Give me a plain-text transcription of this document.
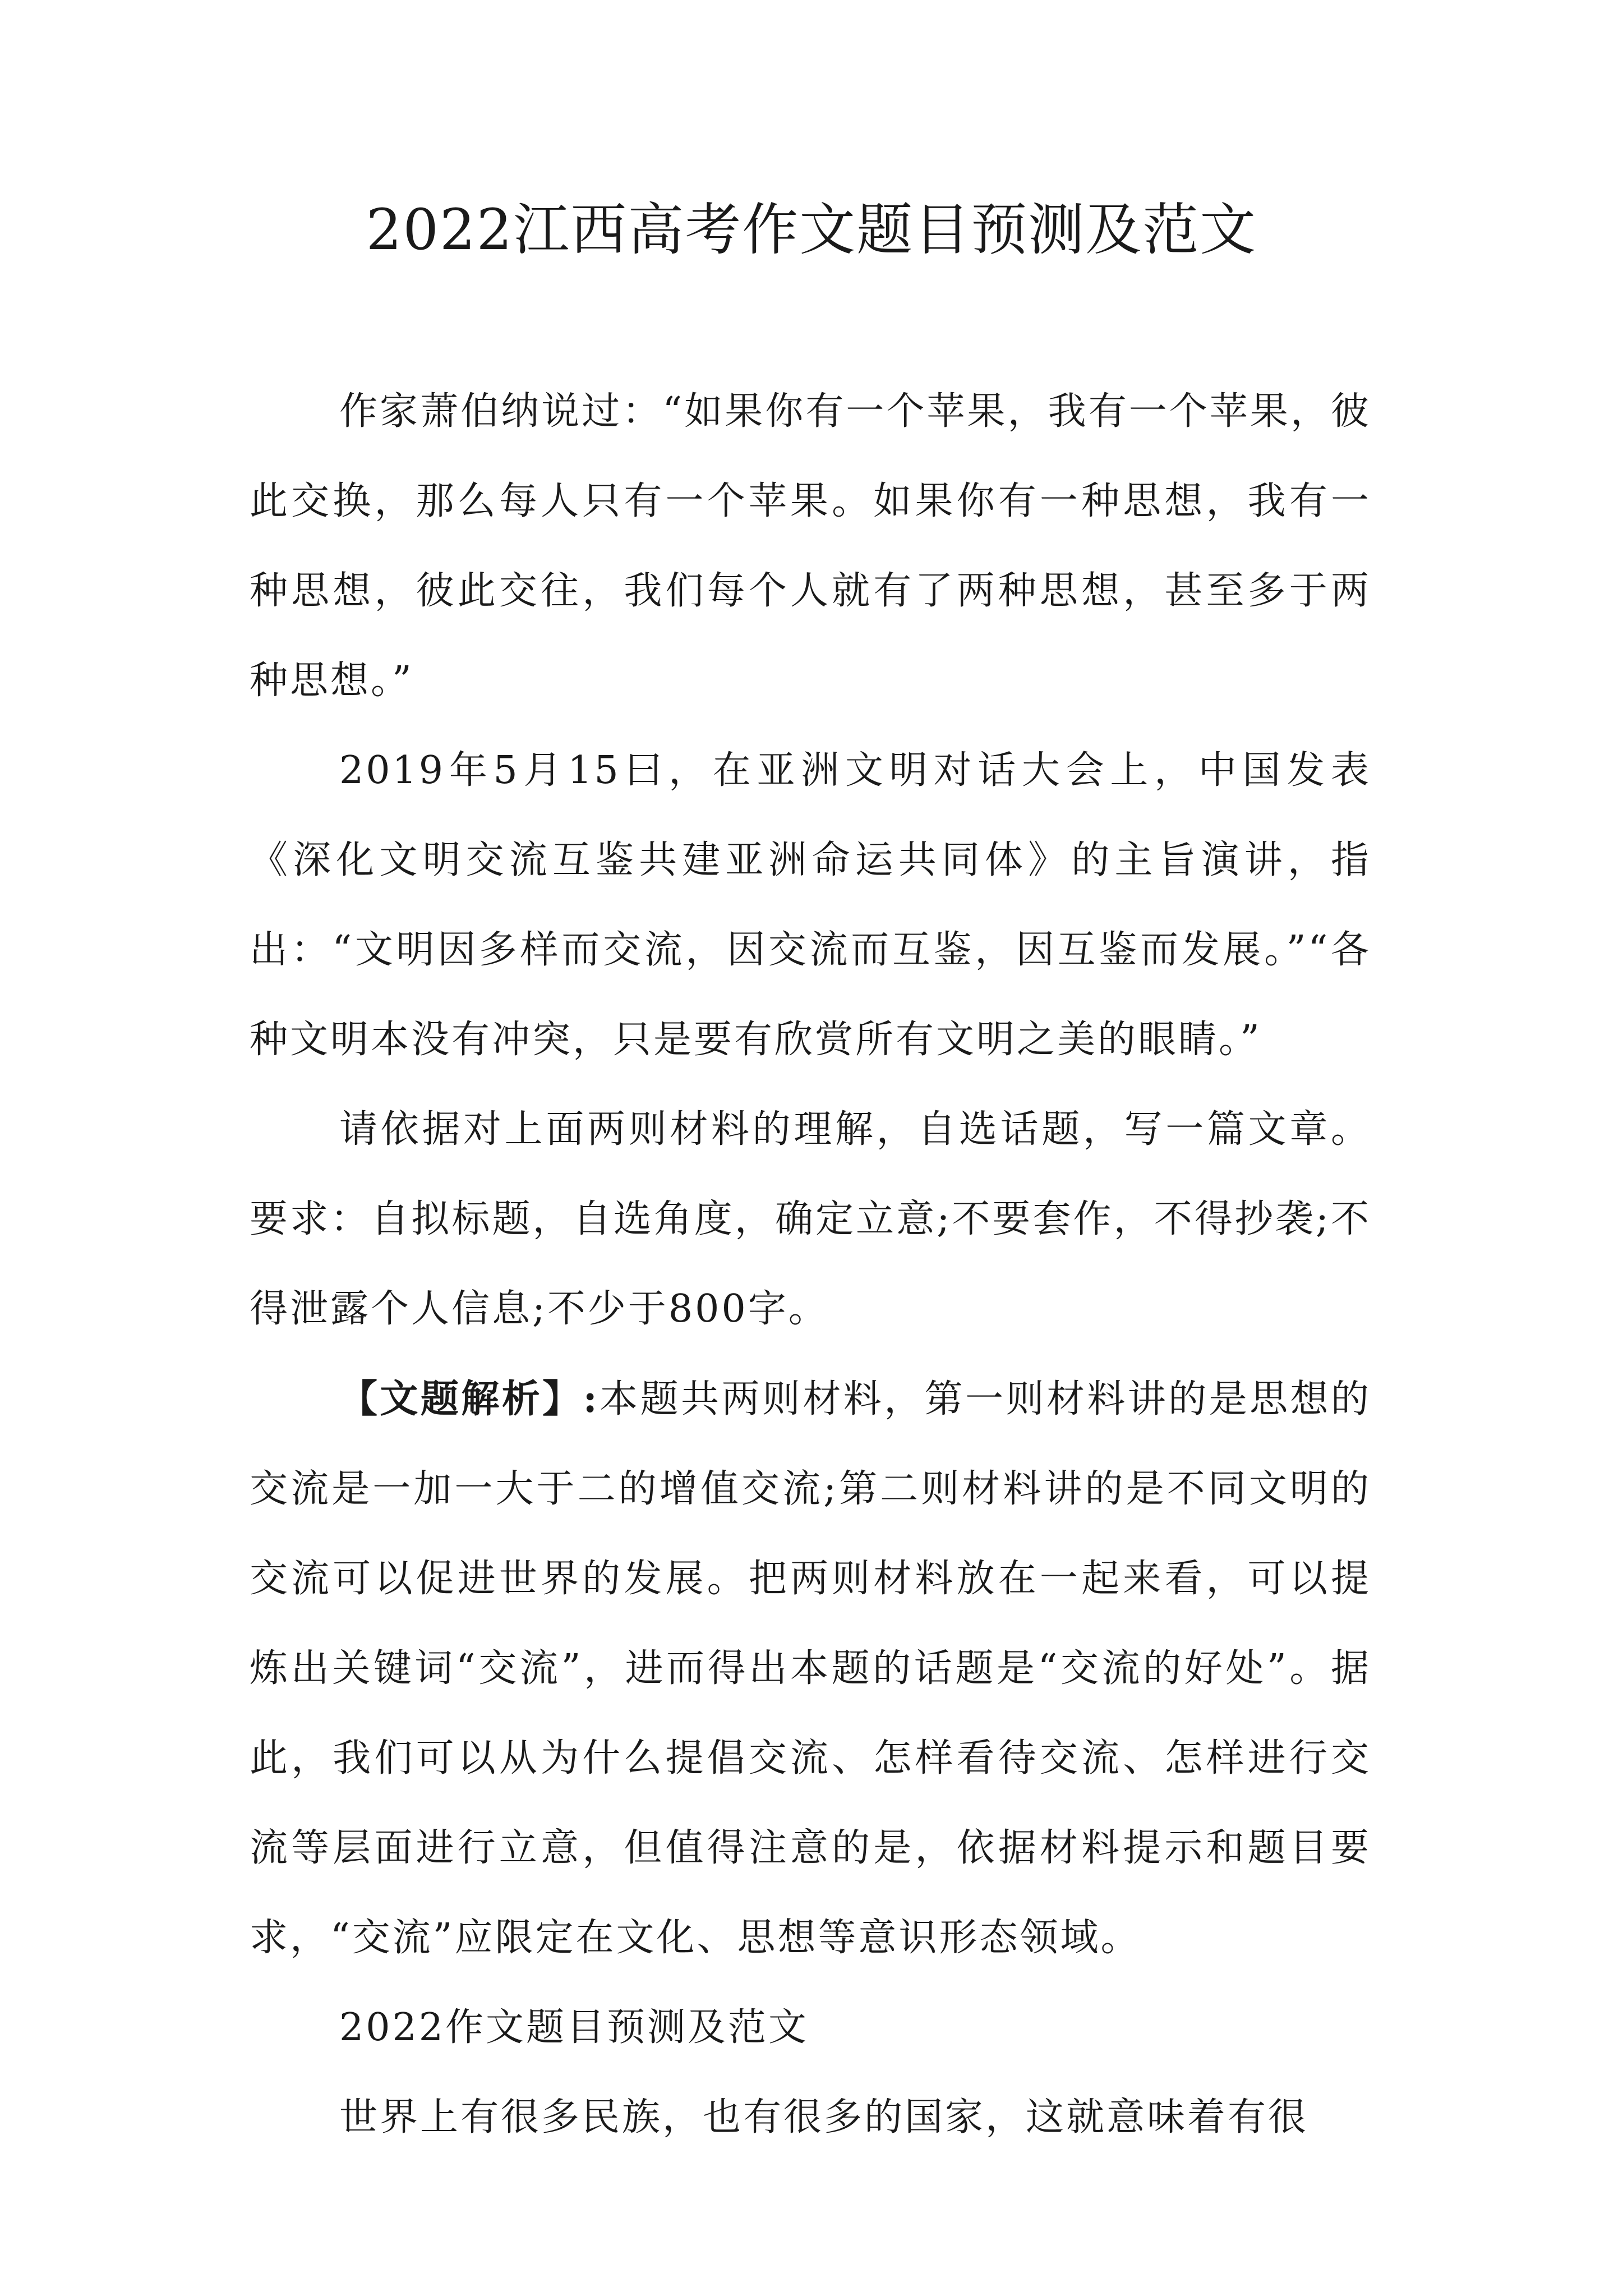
2022江西高考作文题目预测及范文

作家萧伯纳说过：“如果你有一个苹果，我有一个苹果，彼此交换，那么每人只有一个苹果。如果你有一种思想，我有一种思想，彼此交往，我们每个人就有了两种思想，甚至多于两种思想。”

2019年5月15曰，在亚洲文明对话大会上，中国发表《深化文明交流互鉴共建亚洲命运共同体》的主旨演讲，指出：“文明因多样而交流，因交流而互鉴，因互鉴而发展。”“各种文明本没有冲突，只是要有欣赏所有文明之美的眼睛。”

请依据对上面两则材料的理解，自选话题，写一篇文章。要求：自拟标题，自选角度，确定立意;不要套作，不得抄袭;不得泄露个人信息;不少于800字。

【文题解析】:本题共两则材料，第一则材料讲的是思想的交流是一加一大于二的增值交流;第二则材料讲的是不同文明的交流可以促进世界的发展。把两则材料放在一起来看，可以提炼出关键词“交流”，进而得出本题的话题是“交流的好处”。据此，我们可以从为什么提倡交流、怎样看待交流、怎样进行交流等层面进行立意，但值得注意的是，依据材料提示和题目要求，“交流”应限定在文化、思想等意识形态领域。

2022作文题目预测及范文

世界上有很多民族，也有很多的国家，这就意味着有很
